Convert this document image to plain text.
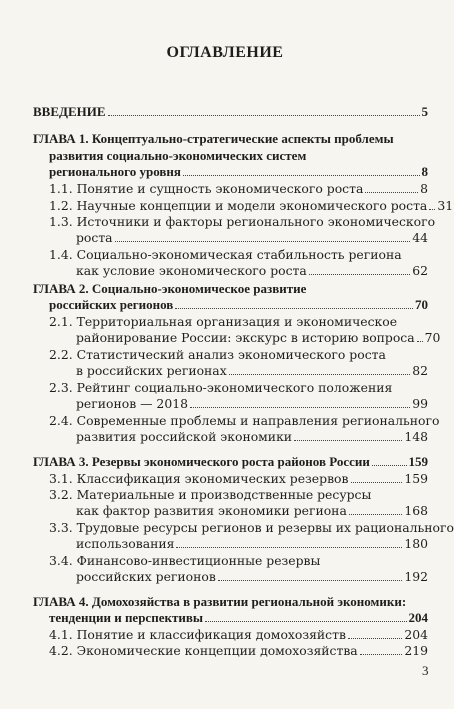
ОГЛАВЛЕНИЕ
ВВЕДЕНИЕ	5
ГЛАВА 1. Концептуально-стратегические аспекты проблемы
развития социально-экономических систем
регионального уровня	8
1.1. Понятие и сущность экономического роста	8
1.2. Научные концепции и модели экономического роста 31
1.3. Источники и факторы регионального экономического
роста	44
1.4. Социально-экономическая стабильность региона
как условие экономического роста	62
ГЛАВА 2. Социально-экономическое развитие
российских регионов	70
2.1. Территориальная организация и экономическое
районирование России: экскурс в историю вопроса 70
2.2. Статистический анализ экономического роста
в российских регионах	82
2.3. Рейтинг социально-экономического положения
регионов — 2018	99
2.4. Современные проблемы и направления регионального
развития российской экономики	148
ГЛАВА 3. Резервы экономического роста районов России	159
3.1. Классификация экономических резервов	159
3.2. Материальные и производственные ресурсы
как фактор развития экономики региона	168
3.3. Трудовые ресурсы регионов и резервы их рационального
использования	180
3.4. Финансово-инвестиционные резервы
российских регионов	192
ГЛАВА 4. Домохозяйства в развитии региональной экономики:
тенденции и перспективы	204
4.1. Понятие и классификация домохозяйств	204
4.2. Экономические концепции домохозяйства	219
3
